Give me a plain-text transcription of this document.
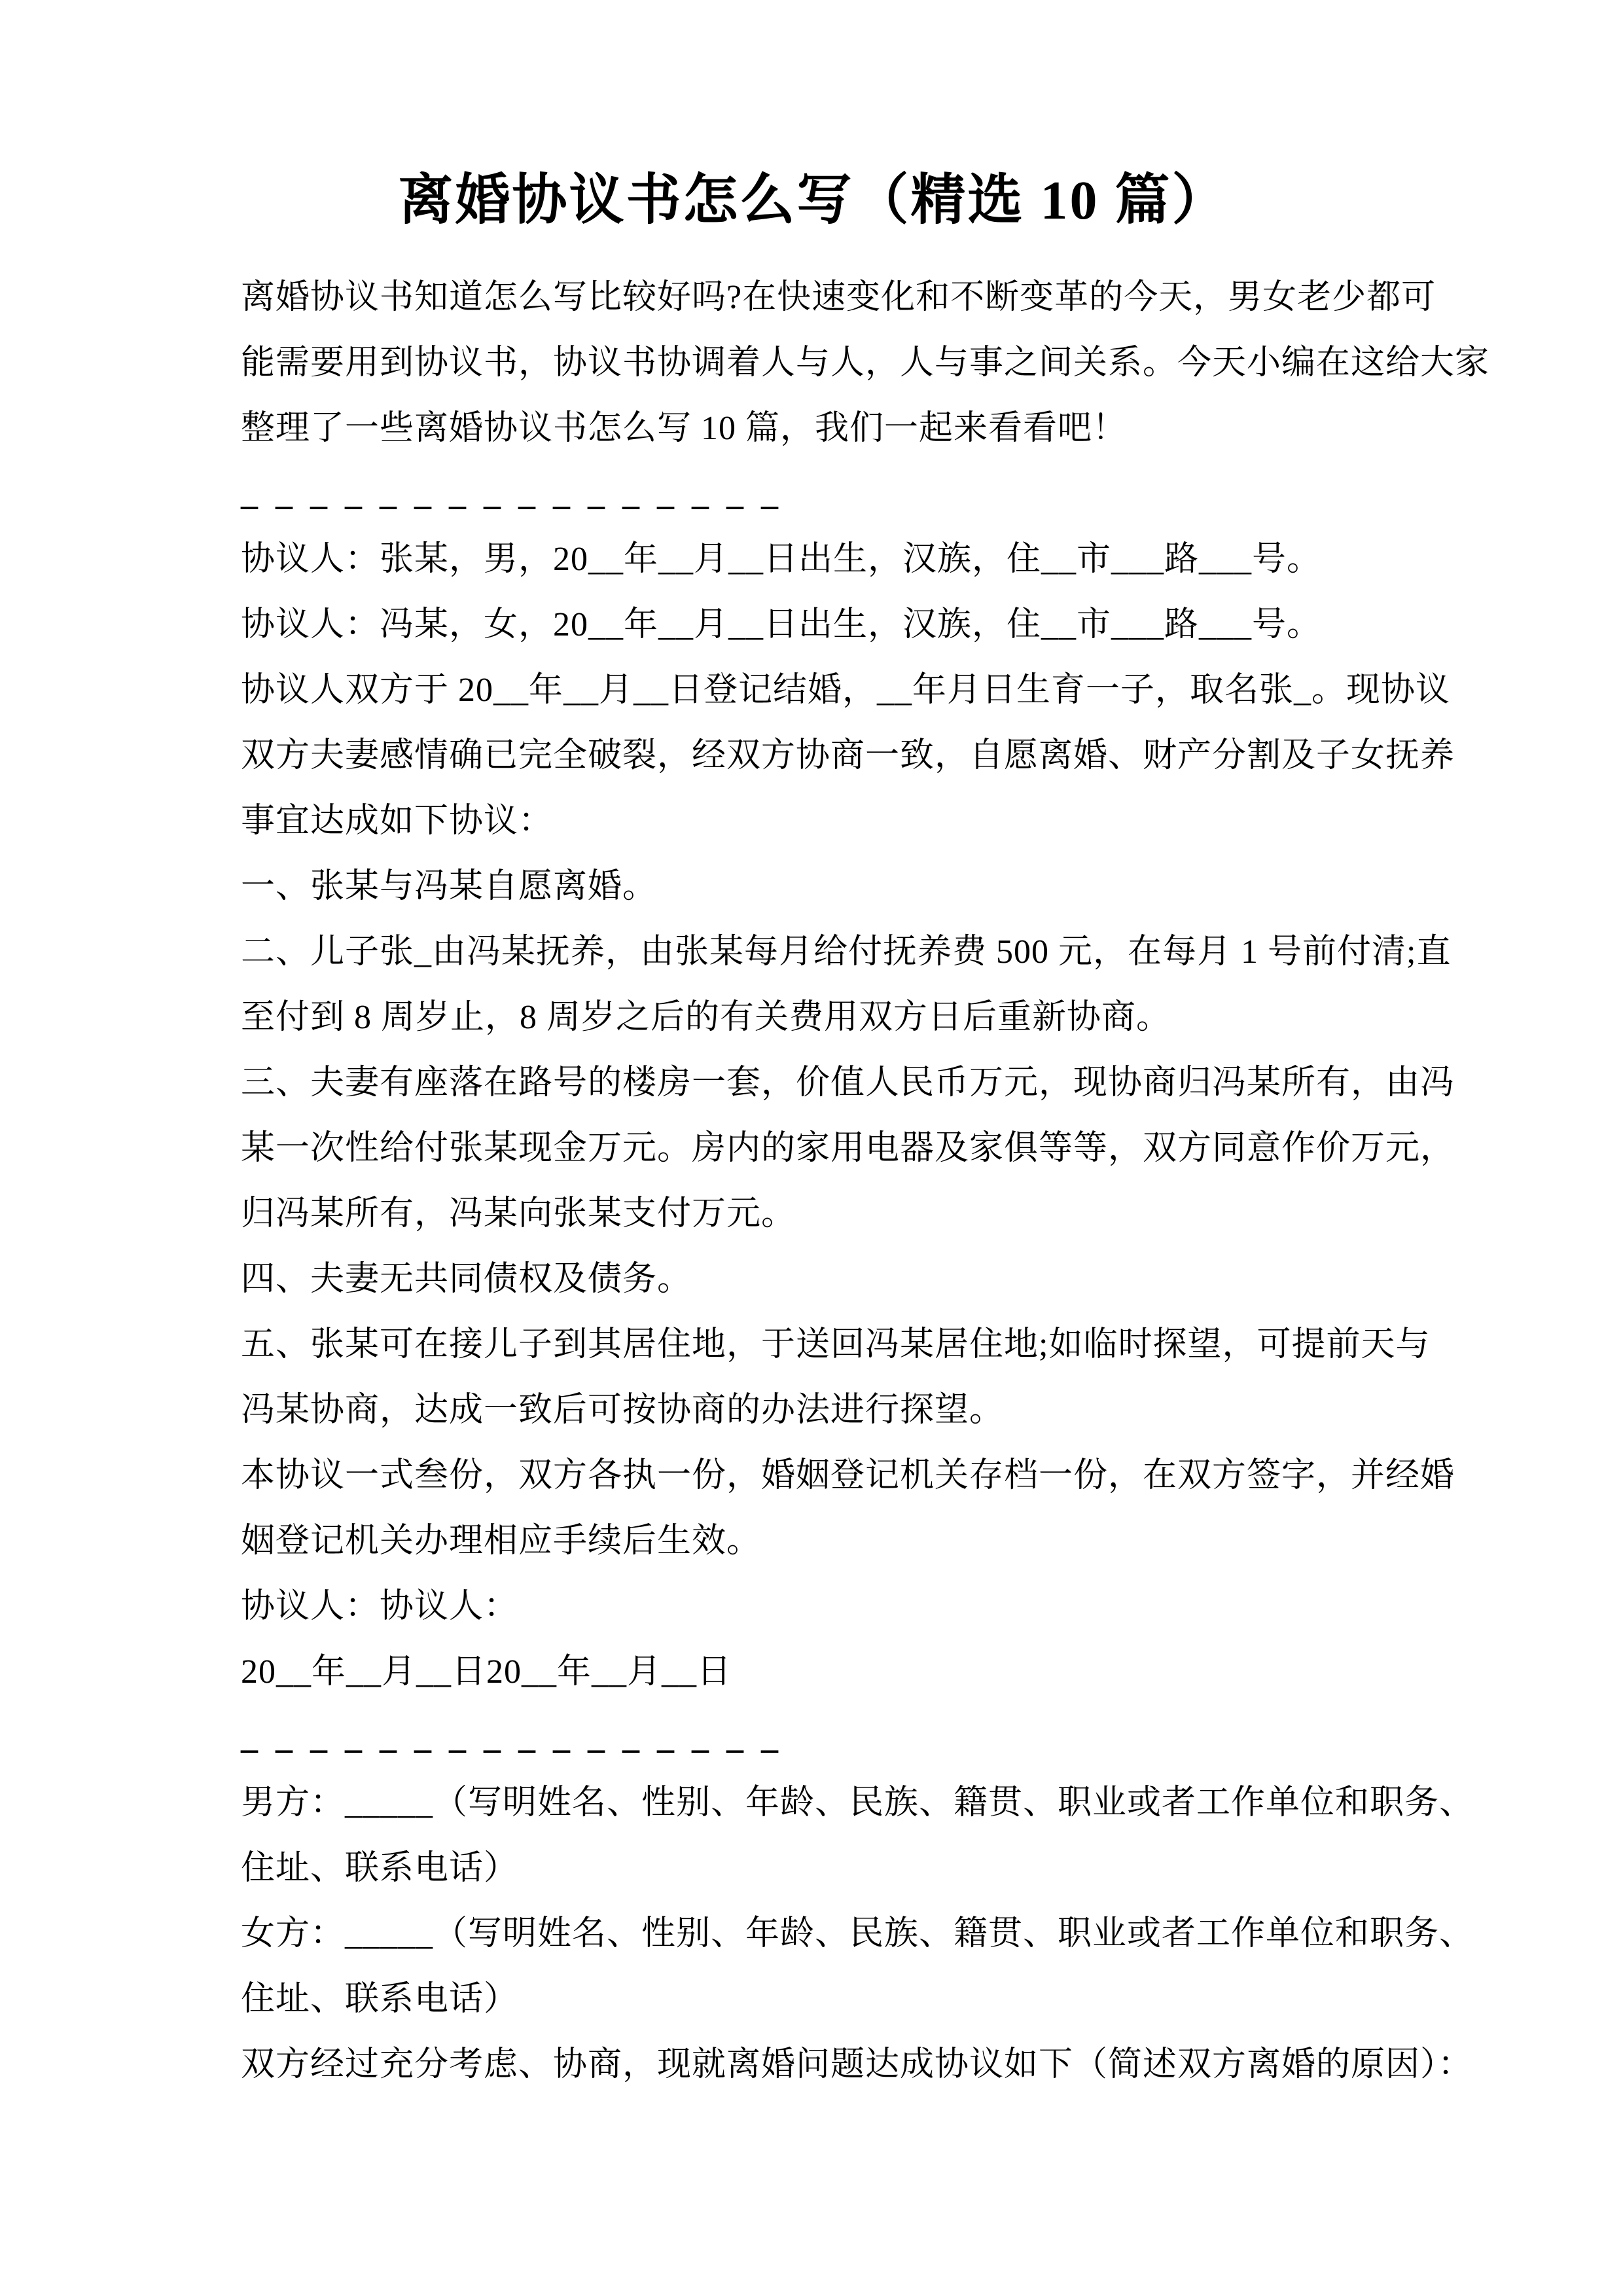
离婚协议书怎么写（精选 10 篇）
离婚协议书知道怎么写比较好吗?在快速变化和不断变革的今天，男女老少都可
能需要用到协议书，协议书协调着人与人，人与事之间关系。今天小编在这给大家
整理了一些离婚协议书怎么写 10 篇，我们一起来看看吧！
________________
协议人：张某，男，20__年__月__日出生，汉族，住__市___路___号。
协议人：冯某，女，20__年__月__日出生，汉族，住__市___路___号。
协议人双方于 20__年__月__日登记结婚，__年月日生育一子，取名张_。现协议
双方夫妻感情确已完全破裂，经双方协商一致，自愿离婚、财产分割及子女抚养
事宜达成如下协议：
一、张某与冯某自愿离婚。
二、儿子张_由冯某抚养，由张某每月给付抚养费 500 元，在每月 1 号前付清;直
至付到 8 周岁止，8 周岁之后的有关费用双方日后重新协商。
三、夫妻有座落在路号的楼房一套，价值人民币万元，现协商归冯某所有，由冯
某一次性给付张某现金万元。房内的家用电器及家俱等等，双方同意作价万元，
归冯某所有，冯某向张某支付万元。
四、夫妻无共同债权及债务。
五、张某可在接儿子到其居住地，于送回冯某居住地;如临时探望，可提前天与
冯某协商，达成一致后可按协商的办法进行探望。
本协议一式叁份，双方各执一份，婚姻登记机关存档一份，在双方签字，并经婚
姻登记机关办理相应手续后生效。
协议人：协议人：
20__年__月__日20__年__月__日
________________
男方：_____（写明姓名、性别、年龄、民族、籍贯、职业或者工作单位和职务、
住址、联系电话）
女方：_____（写明姓名、性别、年龄、民族、籍贯、职业或者工作单位和职务、
住址、联系电话）
双方经过充分考虑、协商，现就离婚问题达成协议如下（简述双方离婚的原因）：
